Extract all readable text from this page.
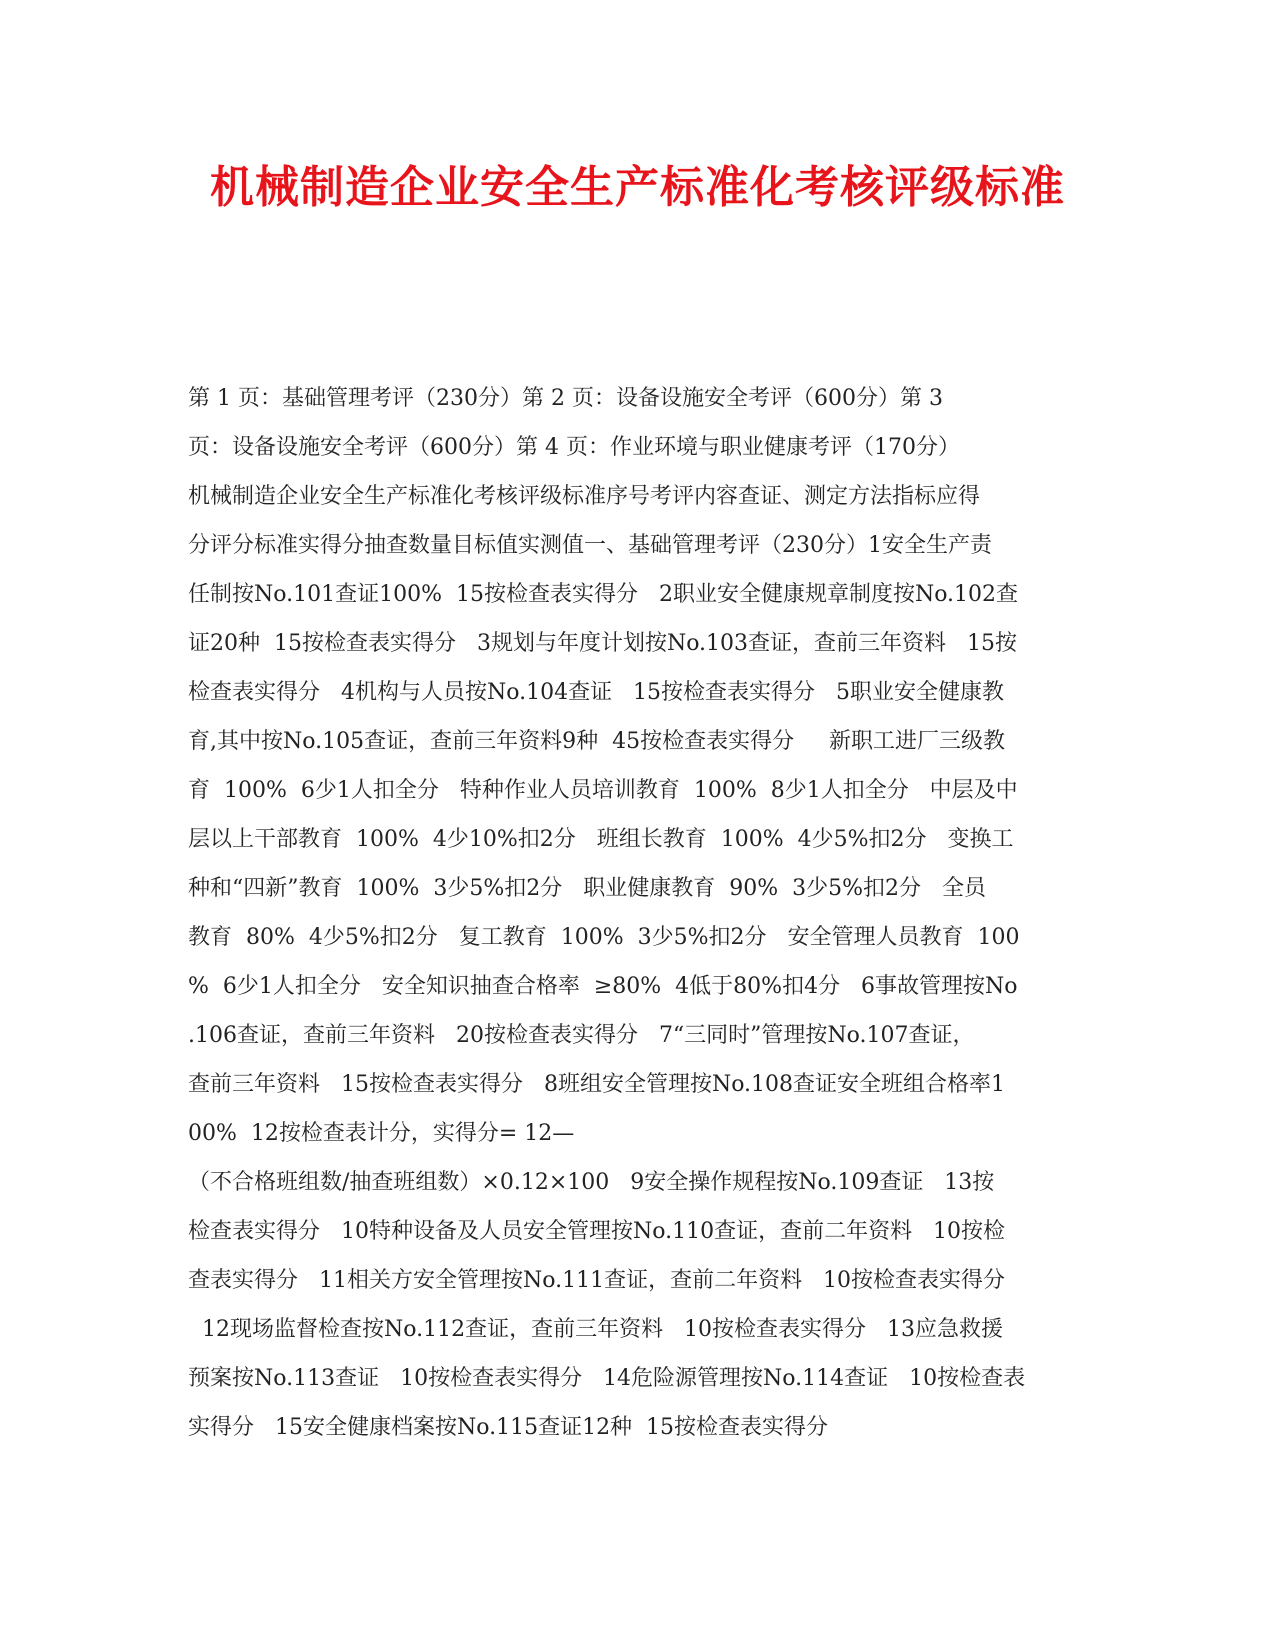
机械制造企业安全生产标准化考核评级标准
第 1 页：基础管理考评（230分）第 2 页：设备设施安全考评（600分）第 3
页：设备设施安全考评（600分）第 4 页：作业环境与职业健康考评（170分）
机械制造企业安全生产标准化考核评级标准序号考评内容查证、测定方法指标应得
分评分标准实得分抽查数量目标值实测值一、基础管理考评（230分）1安全生产责
任制按No.101查证100%  15按检查表实得分   2职业安全健康规章制度按No.102查
证20种  15按检查表实得分   3规划与年度计划按No.103查证，查前三年资料   15按
检查表实得分   4机构与人员按No.104查证   15按检查表实得分   5职业安全健康教
育,其中按No.105查证，查前三年资料9种  45按检查表实得分     新职工进厂三级教
育  100%  6少1人扣全分   特种作业人员培训教育  100%  8少1人扣全分   中层及中
层以上干部教育  100%  4少10%扣2分   班组长教育  100%  4少5%扣2分   变换工
种和“四新”教育  100%  3少5%扣2分   职业健康教育  90%  3少5%扣2分   全员
教育  80%  4少5%扣2分   复工教育  100%  3少5%扣2分   安全管理人员教育  100
%  6少1人扣全分   安全知识抽查合格率  ≥80%  4低于80%扣4分   6事故管理按No
.106查证，查前三年资料   20按检查表实得分   7“三同时”管理按No.107查证，
查前三年资料   15按检查表实得分   8班组安全管理按No.108查证安全班组合格率1
00%  12按检查表计分，实得分= 12—
（不合格班组数/抽查班组数）×0.12×100   9安全操作规程按No.109查证   13按
检查表实得分   10特种设备及人员安全管理按No.110查证，查前二年资料   10按检
查表实得分   11相关方安全管理按No.111查证，查前二年资料   10按检查表实得分
12现场监督检查按No.112查证，查前三年资料   10按检查表实得分   13应急救援
预案按No.113查证   10按检查表实得分   14危险源管理按No.114查证   10按检查表
实得分   15安全健康档案按No.115查证12种  15按检查表实得分
